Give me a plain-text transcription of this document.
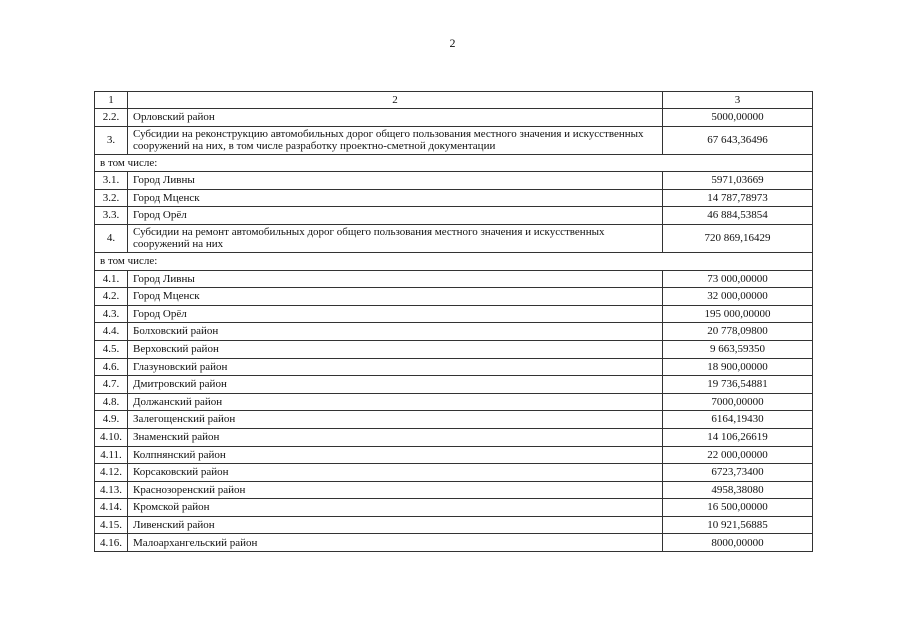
2
1	2	3
2.2.	Орловский район	5000,00000
3.	Субсидии на реконструкцию автомобильных дорог общего пользования местного значения и искусственных сооружений на них, в том числе разработку проектно-сметной документации	67 643,36496
в том числе:		
3.1.	Город Ливны	5971,03669
3.2.	Город Мценск	14 787,78973
3.3.	Город Орёл	46 884,53854
4.	Субсидии на ремонт автомобильных дорог общего пользования местного значения и искусственных сооружений на них	720 869,16429
в том числе:		
4.1.	Город Ливны	73 000,00000
4.2.	Город Мценск	32 000,00000
4.3.	Город Орёл	195 000,00000
4.4.	Болховский район	20 778,09800
4.5.	Верховский район	9 663,59350
4.6.	Глазуновский район	18 900,00000
4.7.	Дмитровский район	19 736,54881
4.8.	Должанский район	7000,00000
4.9.	Залегощенский район	6164,19430
4.10.	Знаменский район	14 106,26619
4.11.	Колпнянский район	22 000,00000
4.12.	Корсаковский район	6723,73400
4.13.	Краснозоренский район	4958,38080
4.14.	Кромской район	16 500,00000
4.15.	Ливенский район	10 921,56885
4.16.	Малоархангельский район	8000,00000
